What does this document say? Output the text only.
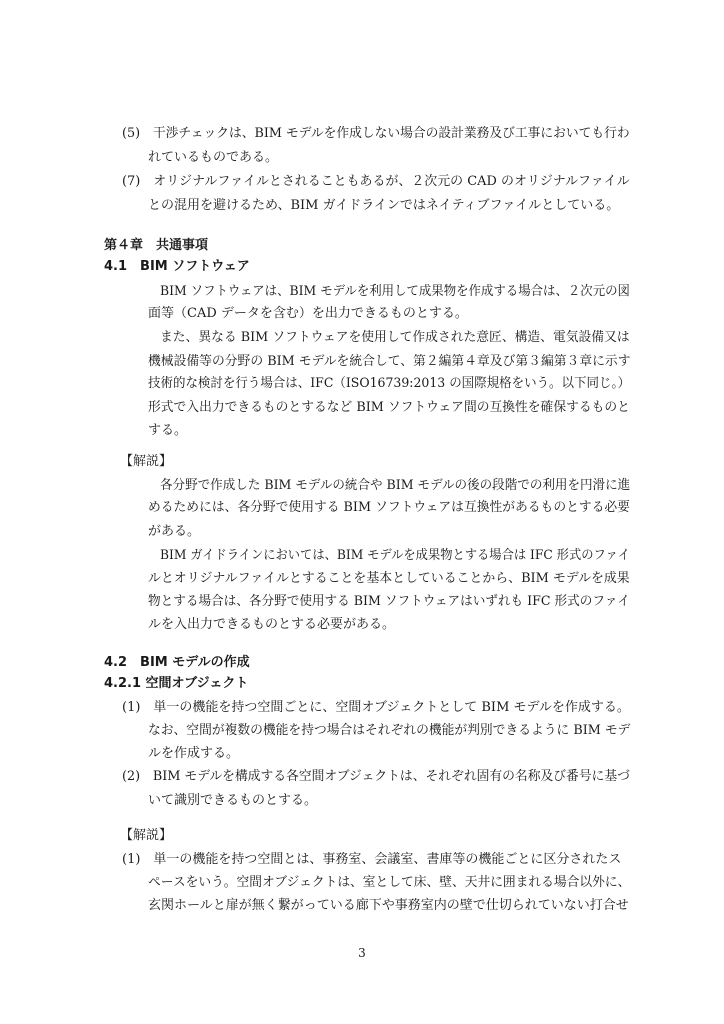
(5)　干渉チェックは、BIM モデルを作成しない場合の設計業務及び工事においても行わ
れているものである。
(7)　オリジナルファイルとされることもあるが、２次元の CAD のオリジナルファイル
との混用を避けるため、BIM ガイドラインではネイティブファイルとしている。
第４章　共通事項
4.1　BIM ソフトウェア
BIM ソフトウェアは、BIM モデルを利用して成果物を作成する場合は、２次元の図
面等（CAD データを含む）を出力できるものとする。
また、異なる BIM ソフトウェアを使用して作成された意匠、構造、電気設備又は
機械設備等の分野の BIM モデルを統合して、第２編第４章及び第３編第３章に示す
技術的な検討を行う場合は、IFC（ISO16739:2013 の国際規格をいう。以下同じ。）
形式で入出力できるものとするなど BIM ソフトウェア間の互換性を確保するものと
する。
【解説】
各分野で作成した BIM モデルの統合や BIM モデルの後の段階での利用を円滑に進
めるためには、各分野で使用する BIM ソフトウェアは互換性があるものとする必要
がある。
BIM ガイドラインにおいては、BIM モデルを成果物とする場合は IFC 形式のファイ
ルとオリジナルファイルとすることを基本としていることから、BIM モデルを成果
物とする場合は、各分野で使用する BIM ソフトウェアはいずれも IFC 形式のファイ
ルを入出力できるものとする必要がある。
4.2　BIM モデルの作成
4.2.1 空間オブジェクト
(1)　単一の機能を持つ空間ごとに、空間オブジェクトとして BIM モデルを作成する。
なお、空間が複数の機能を持つ場合はそれぞれの機能が判別できるように BIM モデ
ルを作成する。
(2)　BIM モデルを構成する各空間オブジェクトは、それぞれ固有の名称及び番号に基づ
いて識別できるものとする。
【解説】
(1)　単一の機能を持つ空間とは、事務室、会議室、書庫等の機能ごとに区分されたス
ペースをいう。空間オブジェクトは、室として床、壁、天井に囲まれる場合以外に、
玄関ホールと扉が無く繋がっている廊下や事務室内の壁で仕切られていない打合せ
3
